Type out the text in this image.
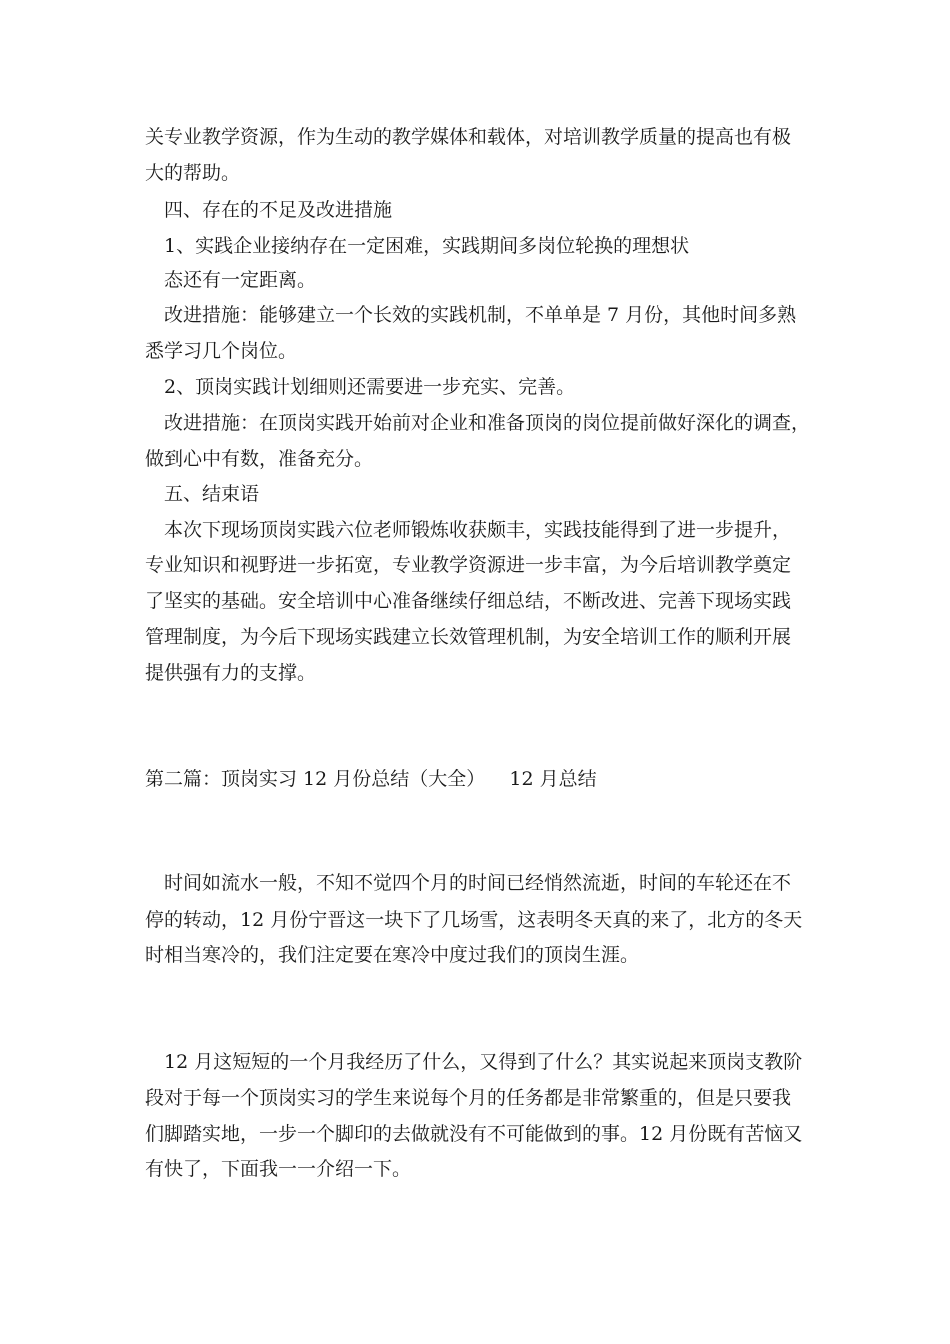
关专业教学资源，作为生动的教学媒体和载体，对培训教学质量的提高也有极
大的帮助。
四、存在的不足及改进措施
1、实践企业接纳存在一定困难，实践期间多岗位轮换的理想状
态还有一定距离。
改进措施：能够建立一个长效的实践机制，不单单是 7 月份，其他时间多熟
悉学习几个岗位。
2、顶岗实践计划细则还需要进一步充实、完善。
改进措施：在顶岗实践开始前对企业和准备顶岗的岗位提前做好深化的调查，
做到心中有数，准备充分。
五、结束语
本次下现场顶岗实践六位老师锻炼收获颇丰，实践技能得到了进一步提升，
专业知识和视野进一步拓宽，专业教学资源进一步丰富，为今后培训教学奠定
了坚实的基础。安全培训中心准备继续仔细总结，不断改进、完善下现场实践
管理制度，为今后下现场实践建立长效管理机制，为安全培训工作的顺利开展
提供强有力的支撑。
第二篇：顶岗实习 12 月份总结（大全）    12 月总结
时间如流水一般，不知不觉四个月的时间已经悄然流逝，时间的车轮还在不
停的转动，12 月份宁晋这一块下了几场雪，这表明冬天真的来了，北方的冬天
时相当寒冷的，我们注定要在寒冷中度过我们的顶岗生涯。
12 月这短短的一个月我经历了什么，又得到了什么？其实说起来顶岗支教阶
段对于每一个顶岗实习的学生来说每个月的任务都是非常繁重的，但是只要我
们脚踏实地，一步一个脚印的去做就没有不可能做到的事。12 月份既有苦恼又
有快了，下面我一一介绍一下。
